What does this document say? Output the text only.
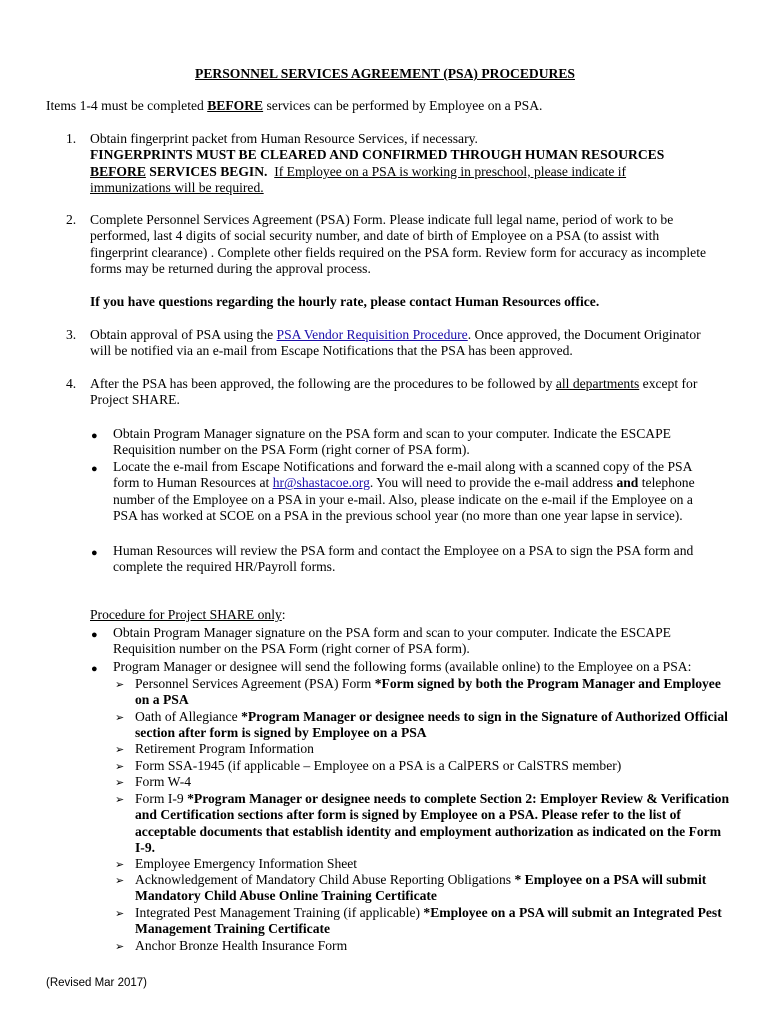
PERSONNEL SERVICES AGREEMENT (PSA) PROCEDURES
Items 1-4 must be completed BEFORE services can be performed by Employee on a PSA.
1. Obtain fingerprint packet from Human Resource Services, if necessary.
FINGERPRINTS MUST BE CLEARED AND CONFIRMED THROUGH HUMAN RESOURCES
BEFORE SERVICES BEGIN. If Employee on a PSA is working in preschool, please indicate if immunizations will be required.
2. Complete Personnel Services Agreement (PSA) Form. Please indicate full legal name, period of work to be performed, last 4 digits of social security number, and date of birth of Employee on a PSA (to assist with fingerprint clearance) . Complete other fields required on the PSA form. Review form for accuracy as incomplete forms may be returned during the approval process.
If you have questions regarding the hourly rate, please contact Human Resources office.
3. Obtain approval of PSA using the PSA Vendor Requisition Procedure. Once approved, the Document Originator will be notified via an e-mail from Escape Notifications that the PSA has been approved.
4. After the PSA has been approved, the following are the procedures to be followed by all departments except for Project SHARE.
● Obtain Program Manager signature on the PSA form and scan to your computer. Indicate the ESCAPE Requisition number on the PSA Form (right corner of PSA form).
● Locate the e-mail from Escape Notifications and forward the e-mail along with a scanned copy of the PSA form to Human Resources at hr@shastacoe.org. You will need to provide the e-mail address and telephone number of the Employee on a PSA in your e-mail. Also, please indicate on the e-mail if the Employee on a PSA has worked at SCOE on a PSA in the previous school year (no more than one year lapse in service).
● Human Resources will review the PSA form and contact the Employee on a PSA to sign the PSA form and complete the required HR/Payroll forms.
Procedure for Project SHARE only:
● Obtain Program Manager signature on the PSA form and scan to your computer. Indicate the ESCAPE Requisition number on the PSA Form (right corner of PSA form).
● Program Manager or designee will send the following forms (available online) to the Employee on a PSA:
➢ Personnel Services Agreement (PSA) Form *Form signed by both the Program Manager and Employee on a PSA
➢ Oath of Allegiance *Program Manager or designee needs to sign in the Signature of Authorized Official section after form is signed by Employee on a PSA
➢ Retirement Program Information
➢ Form SSA-1945 (if applicable – Employee on a PSA is a CalPERS or CalSTRS member)
➢ Form W-4
➢ Form I-9 *Program Manager or designee needs to complete Section 2: Employer Review & Verification and Certification sections after form is signed by Employee on a PSA. Please refer to the list of acceptable documents that establish identity and employment authorization as indicated on the Form I-9.
➢ Employee Emergency Information Sheet
➢ Acknowledgement of Mandatory Child Abuse Reporting Obligations * Employee on a PSA will submit Mandatory Child Abuse Online Training Certificate
➢ Integrated Pest Management Training (if applicable) *Employee on a PSA will submit an Integrated Pest Management Training Certificate
➢ Anchor Bronze Health Insurance Form
(Revised Mar 2017)
